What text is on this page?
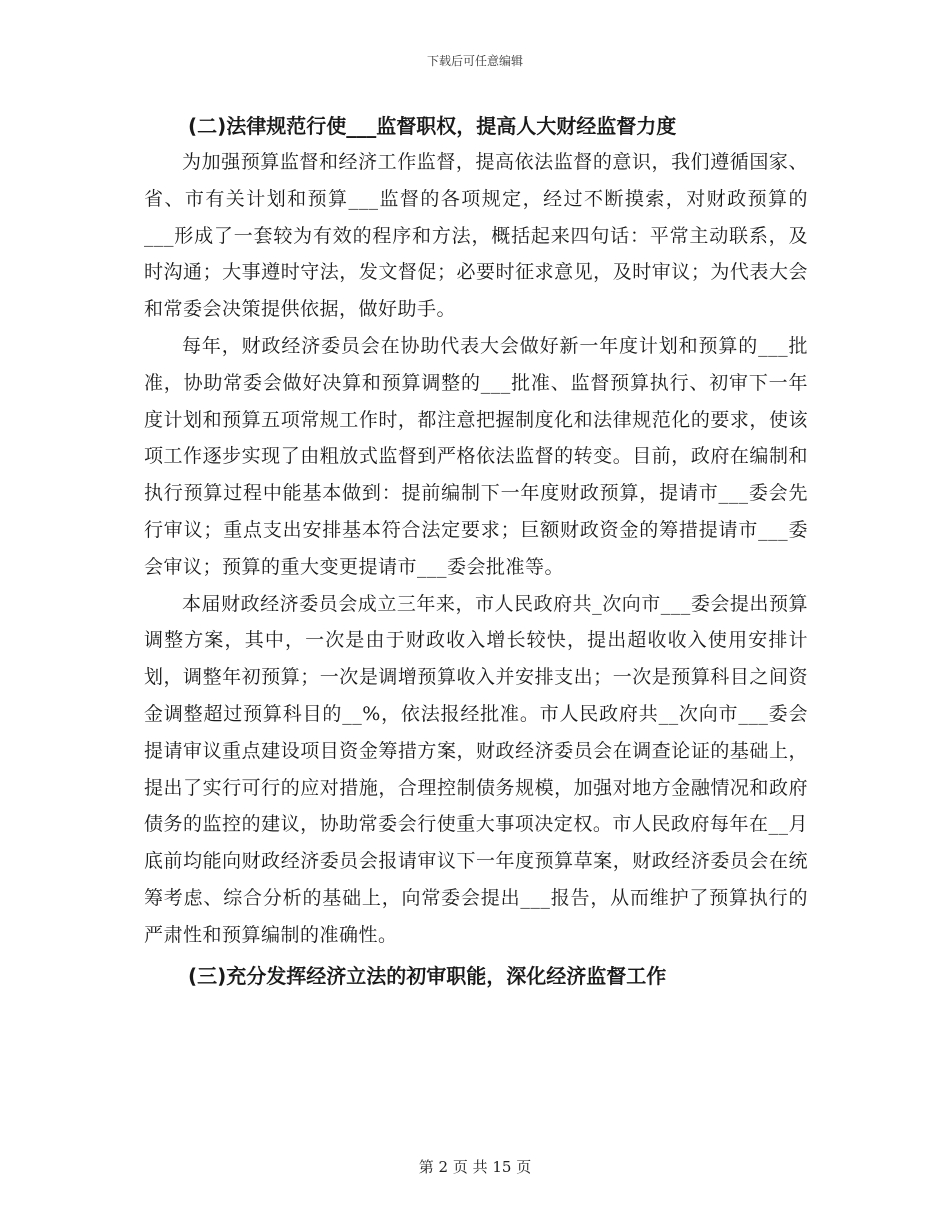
下载后可任意编辑
(二)法律规范行使___监督职权，提高人大财经监督力度

为加强预算监督和经济工作监督，提高依法监督的意识，我们遵循国家、省、市有关计划和预算___监督的各项规定，经过不断摸索，对财政预算的___形成了一套较为有效的程序和方法，概括起来四句话：平常主动联系，及时沟通；大事遵时守法，发文督促；必要时征求意见，及时审议；为代表大会和常委会决策提供依据，做好助手。

每年，财政经济委员会在协助代表大会做好新一年度计划和预算的___批准，协助常委会做好决算和预算调整的___批准、监督预算执行、初审下一年度计划和预算五项常规工作时，都注意把握制度化和法律规范化的要求，使该项工作逐步实现了由粗放式监督到严格依法监督的转变。目前，政府在编制和执行预算过程中能基本做到：提前编制下一年度财政预算，提请市___委会先行审议；重点支出安排基本符合法定要求；巨额财政资金的筹措提请市___委会审议；预算的重大变更提请市___委会批准等。

本届财政经济委员会成立三年来，市人民政府共_次向市___委会提出预算调整方案，其中，一次是由于财政收入增长较快，提出超收收入使用安排计划，调整年初预算；一次是调增预算收入并安排支出；一次是预算科目之间资金调整超过预算科目的__%，依法报经批准。市人民政府共__次向市___委会提请审议重点建设项目资金筹措方案，财政经济委员会在调查论证的基础上，提出了实行可行的应对措施，合理控制债务规模，加强对地方金融情况和政府债务的监控的建议，协助常委会行使重大事项决定权。市人民政府每年在__月底前均能向财政经济委员会报请审议下一年度预算草案，财政经济委员会在统筹考虑、综合分析的基础上，向常委会提出___报告，从而维护了预算执行的严肃性和预算编制的准确性。

(三)充分发挥经济立法的初审职能，深化经济监督工作
第 2 页 共 15 页
